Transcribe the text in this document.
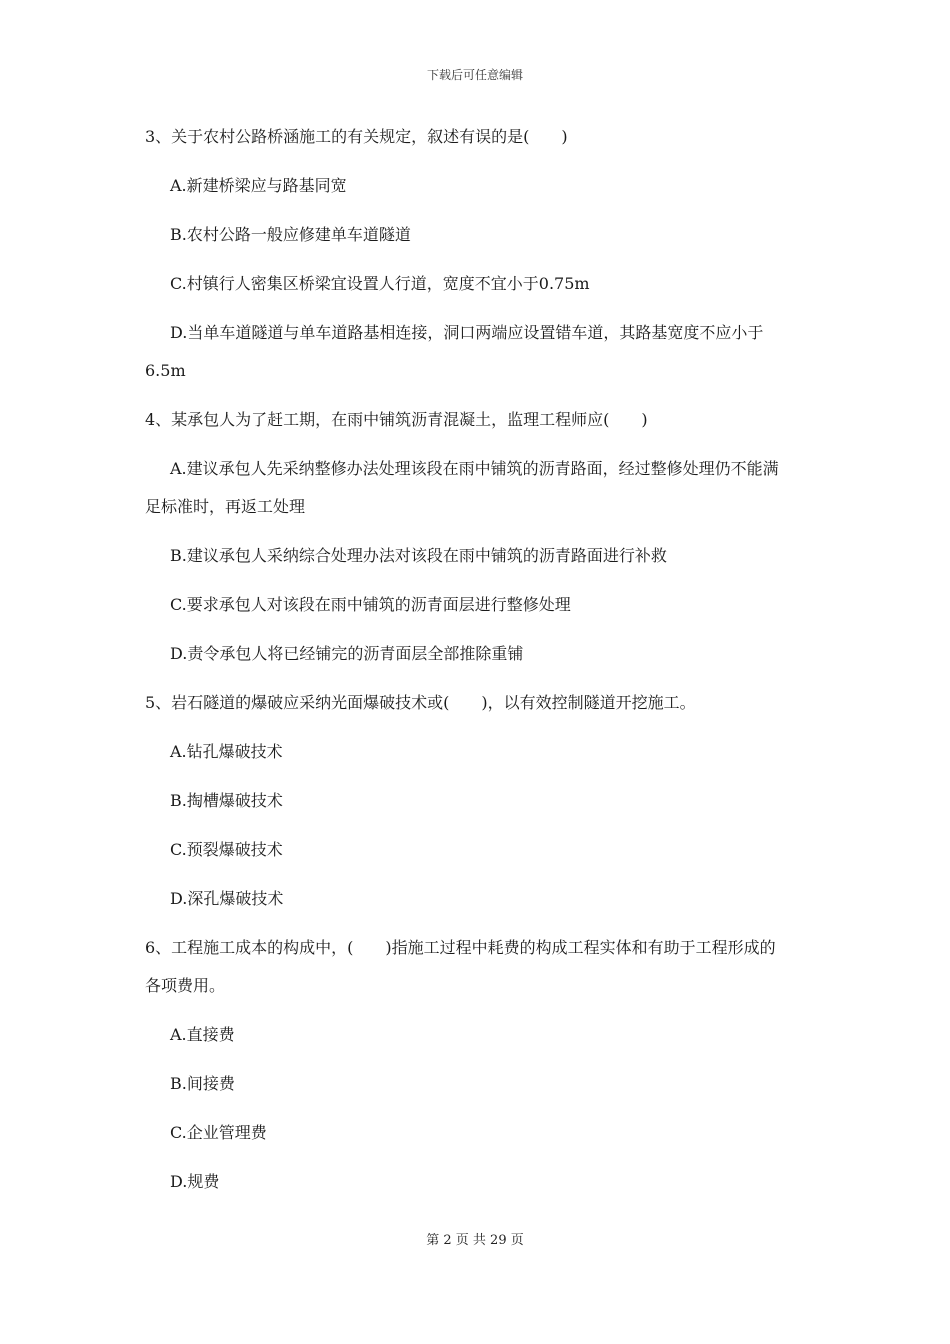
下载后可任意编辑
3、关于农村公路桥涵施工的有关规定，叙述有误的是(　　)
A.新建桥梁应与路基同宽
B.农村公路一般应修建单车道隧道
C.村镇行人密集区桥梁宜设置人行道，宽度不宜小于0.75m
D.当单车道隧道与单车道路基相连接，洞口两端应设置错车道，其路基宽度不应小于
6.5m
4、某承包人为了赶工期，在雨中铺筑沥青混凝土，监理工程师应(　　)
A.建议承包人先采纳整修办法处理该段在雨中铺筑的沥青路面，经过整修处理仍不能满
足标准时，再返工处理
B.建议承包人采纳综合处理办法对该段在雨中铺筑的沥青路面进行补救
C.要求承包人对该段在雨中铺筑的沥青面层进行整修处理
D.责令承包人将已经铺完的沥青面层全部推除重铺
5、岩石隧道的爆破应采纳光面爆破技术或(　　)，以有效控制隧道开挖施工。
A.钻孔爆破技术
B.掏槽爆破技术
C.预裂爆破技术
D.深孔爆破技术
6、工程施工成本的构成中，(　　)指施工过程中耗费的构成工程实体和有助于工程形成的
各项费用。
A.直接费
B.间接费
C.企业管理费
D.规费
第 2 页 共 29 页
